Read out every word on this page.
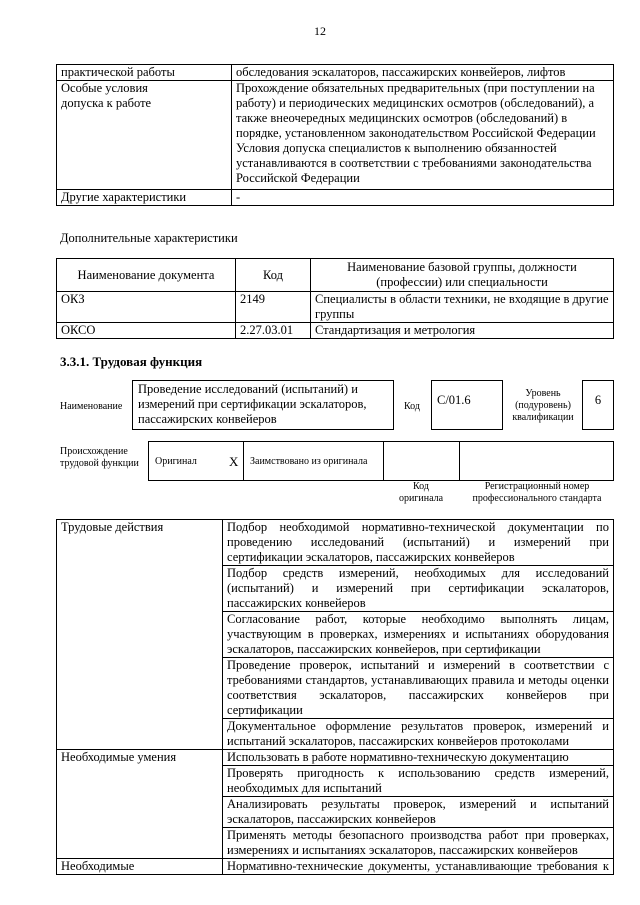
12
практической работы	обследования эскалаторов, пассажирских конвейеров, лифтов
Особые условия допуска к работе	Прохождение обязательных предварительных (при поступлении на работу) и периодических медицинских осмотров (обследований), а также внеочередных медицинских осмотров (обследований) в порядке, установленном законодательством Российской Федерации
Условия допуска специалистов к выполнению обязанностей устанавливаются в соответствии с требованиями законодательства Российской Федерации

Другие характеристики	-
Дополнительные характеристики
Наименование документа	Код	Наименование базовой группы, должности (профессии) или специальности
ОКЗ	2149	Специалисты в области техники, не входящие в другие группы
ОКСО	2.27.03.01	Стандартизация и метрология
3.3.1. Трудовая функция
Наименование
Проведение исследований (испытаний) и измерений при сертификации эскалаторов, пассажирских конвейеров
Код	C/01.6	Уровень (подуровень) квалификации
6
Происхождение трудовой функции Оригинал X Заимствовано из оригинала
Код оригинала
Регистрационный номер профессионального стандарта
Трудовые действия	Подбор необходимой нормативно-технической документации по проведению исследований (испытаний) и измерений при сертификации эскалаторов, пассажирских конвейеров
	Подбор средств измерений, необходимых для исследований (испытаний) и измерений при сертификации эскалаторов, пассажирских конвейеров
	Согласование работ, которые необходимо выполнять лицам, участвующим в проверках, измерениях и испытаниях оборудования эскалаторов, пассажирских конвейеров, при сертификации
	Проведение проверок, испытаний и измерений в соответствии с требованиями стандартов, устанавливающих правила и методы оценки соответствия эскалаторов, пассажирских конвейеров при сертификации
	Документальное оформление результатов проверок, измерений и испытаний эскалаторов, пассажирских конвейеров протоколами
Необходимые умения	Использовать в работе нормативно-техническую документацию
	Проверять пригодность к использованию средств измерений, необходимых для испытаний
	Анализировать результаты проверок, измерений и испытаний эскалаторов, пассажирских конвейеров
	Применять методы безопасного производства работ при проверках, измерениях и испытаниях эскалаторов, пассажирских конвейеров
Необходимые	Нормативно-технические документы, устанавливающие требования к
